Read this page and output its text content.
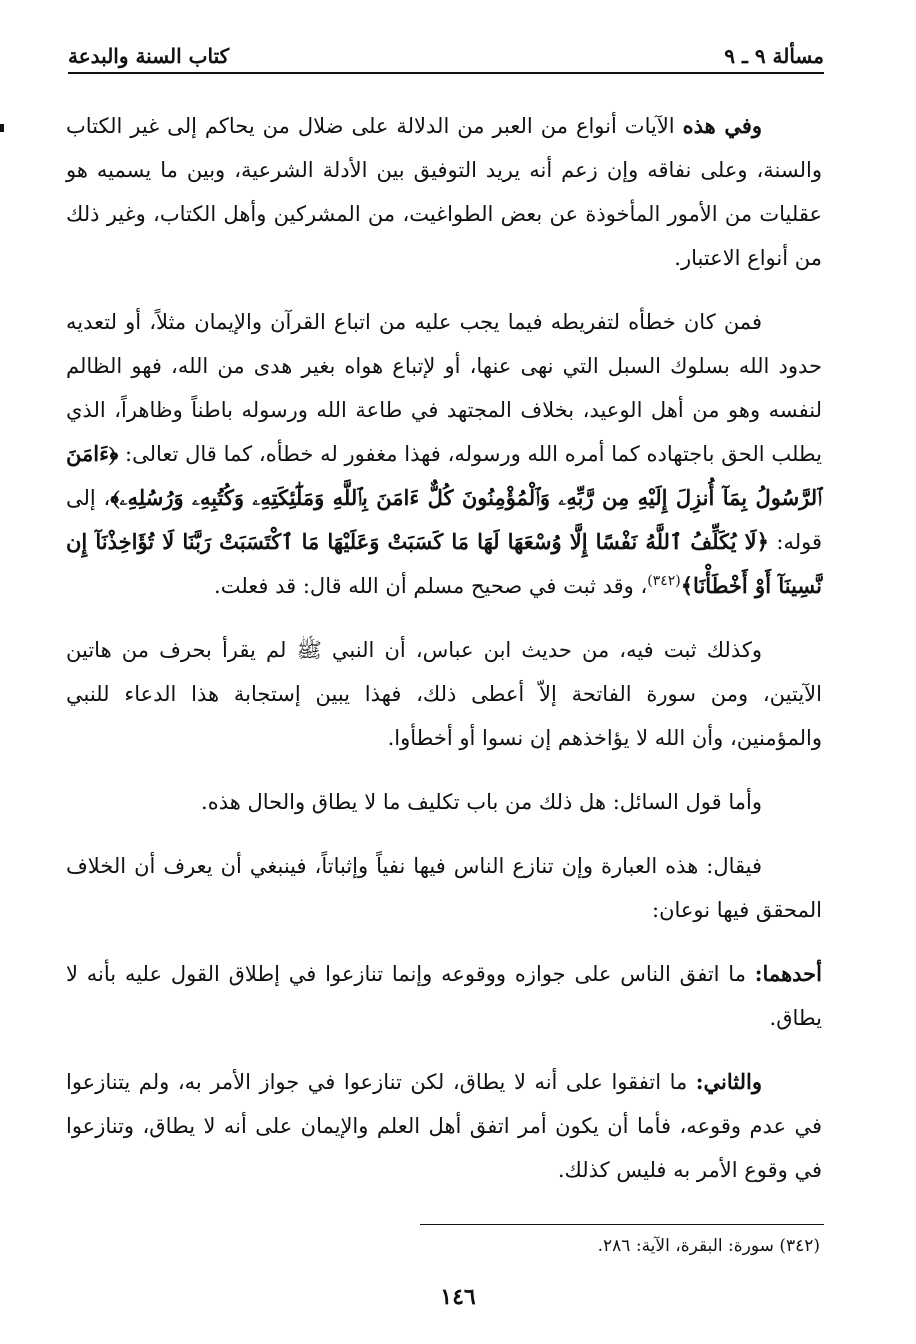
مسألة ٩ ـ ٩
كتاب السنة والبدعة

وفي هذه الآيات أنواع من العبر من الدلالة على ضلال من يحاكم إلى غير الكتاب والسنة، وعلى نفاقه وإن زعم أنه يريد التوفيق بين الأدلة الشرعية، وبين ما يسميه هو عقليات من الأمور المأخوذة عن بعض الطواغيت، من المشركين وأهل الكتاب، وغير ذلك من أنواع الاعتبار.

فمن كان خطأه لتفريطه فيما يجب عليه من اتباع القرآن والإيمان مثلاً، أو لتعديه حدود الله بسلوك السبل التي نهى عنها، أو لإتباع هواه بغير هدى من الله، فهو الظالم لنفسه وهو من أهل الوعيد، بخلاف المجتهد في طاعة الله ورسوله باطناً وظاهراً، الذي يطلب الحق باجتهاده كما أمره الله ورسوله، فهذا مغفور له خطأه، كما قال تعالى: ﴿ءَامَنَ ٱلرَّسُولُ بِمَآ أُنزِلَ إِلَيْهِ مِن رَّبِّهِۦ وَٱلْمُؤْمِنُونَ كُلٌّ ءَامَنَ بِٱللَّهِ وَمَلَٰٓئِكَتِهِۦ وَكُتُبِهِۦ وَرُسُلِهِۦ﴾، إلى قوله: ﴿لَا يُكَلِّفُ ٱللَّهُ نَفْسًا إِلَّا وُسْعَهَا لَهَا مَا كَسَبَتْ وَعَلَيْهَا مَا ٱكْتَسَبَتْ رَبَّنَا لَا تُؤَاخِذْنَآ إِن نَّسِينَآ أَوْ أَخْطَأْنَا﴾$^{(٣٤٢)}$، وقد ثبت في صحيح مسلم أن الله قال: قد فعلت.

وكذلك ثبت فيه، من حديث ابن عباس، أن النبي ﷺ لم يقرأ بحرف من هاتين الآيتين، ومن سورة الفاتحة إلاّ أعطى ذلك، فهذا يبين إستجابة هذا الدعاء للنبي والمؤمنين، وأن الله لا يؤاخذهم إن نسوا أو أخطأوا.

وأما قول السائل: هل ذلك من باب تكليف ما لا يطاق والحال هذه.

فيقال: هذه العبارة وإن تنازع الناس فيها نفياً وإثباتاً، فينبغي أن يعرف أن الخلاف المحقق فيها نوعان:

أحدهما: ما اتفق الناس على جوازه ووقوعه وإنما تنازعوا في إطلاق القول عليه بأنه لا يطاق.

والثاني: ما اتفقوا على أنه لا يطاق، لكن تنازعوا في جواز الأمر به، ولم يتنازعوا في عدم وقوعه، فأما أن يكون أمر اتفق أهل العلم والإيمان على أنه لا يطاق، وتنازعوا في وقوع الأمر به فليس كذلك.

(٣٤٢) سورة: البقرة، الآية: ٢٨٦.
١٤٦
